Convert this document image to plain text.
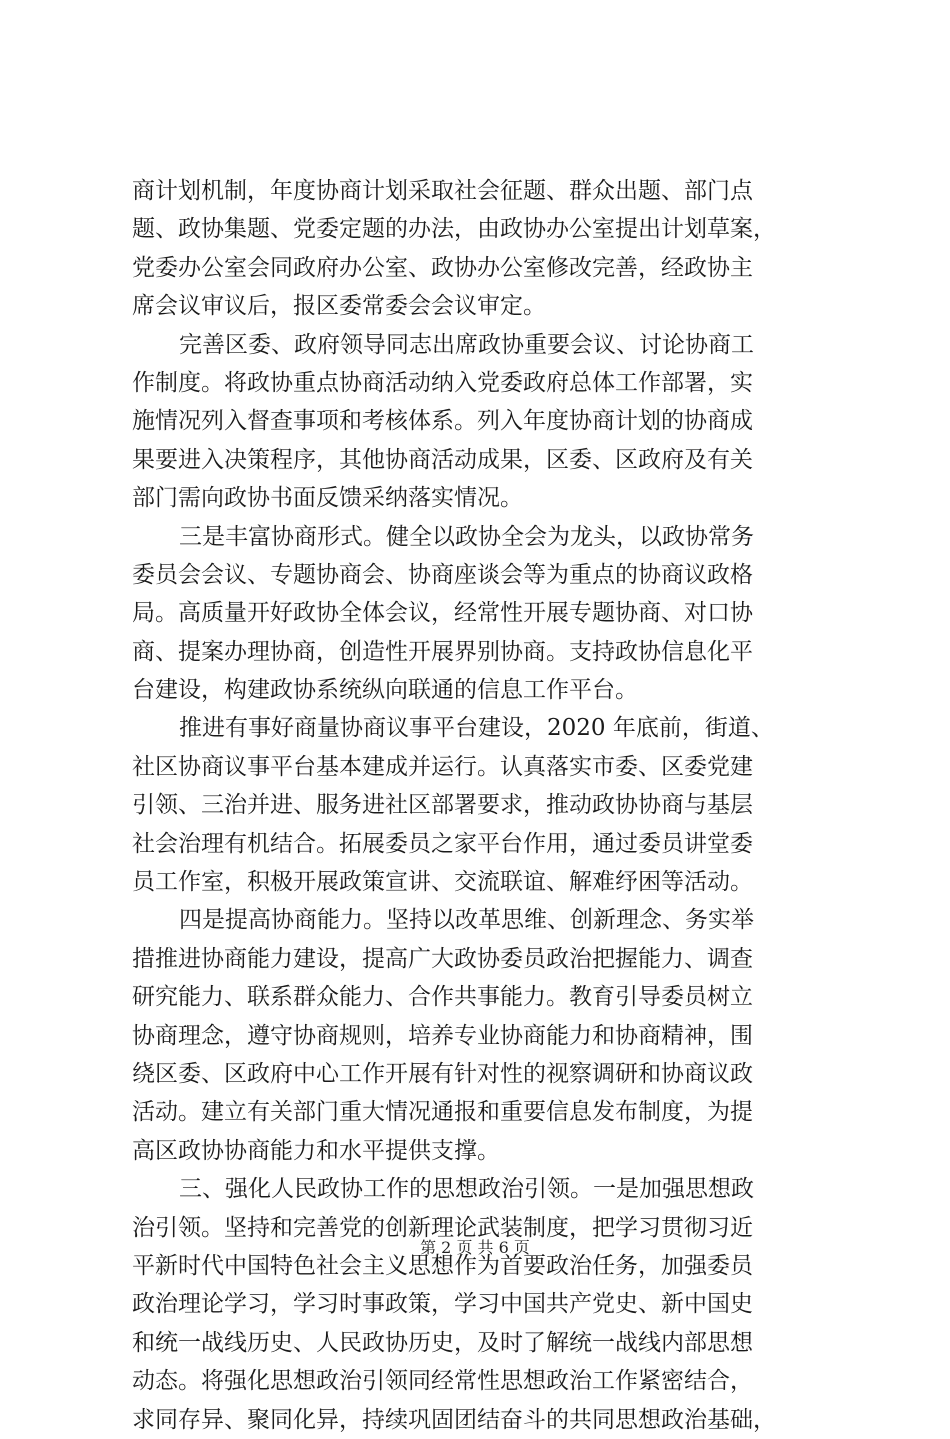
商计划机制，年度协商计划采取社会征题、群众出题、部门点
题、政协集题、党委定题的办法，由政协办公室提出计划草案，
党委办公室会同政府办公室、政协办公室修改完善，经政协主
席会议审议后，报区委常委会会议审定。
完善区委、政府领导同志出席政协重要会议、讨论协商工
作制度。将政协重点协商活动纳入党委政府总体工作部署，实
施情况列入督查事项和考核体系。列入年度协商计划的协商成
果要进入决策程序，其他协商活动成果，区委、区政府及有关
部门需向政协书面反馈采纳落实情况。
三是丰富协商形式。健全以政协全会为龙头，以政协常务
委员会会议、专题协商会、协商座谈会等为重点的协商议政格
局。高质量开好政协全体会议，经常性开展专题协商、对口协
商、提案办理协商，创造性开展界别协商。支持政协信息化平
台建设，构建政协系统纵向联通的信息工作平台。
推进有事好商量协商议事平台建设，2020 年底前，街道、
社区协商议事平台基本建成并运行。认真落实市委、区委党建
引领、三治并进、服务进社区部署要求，推动政协协商与基层
社会治理有机结合。拓展委员之家平台作用，通过委员讲堂委
员工作室，积极开展政策宣讲、交流联谊、解难纾困等活动。
四是提高协商能力。坚持以改革思维、创新理念、务实举
措推进协商能力建设，提高广大政协委员政治把握能力、调查
研究能力、联系群众能力、合作共事能力。教育引导委员树立
协商理念，遵守协商规则，培养专业协商能力和协商精神，围
绕区委、区政府中心工作开展有针对性的视察调研和协商议政
活动。建立有关部门重大情况通报和重要信息发布制度，为提
高区政协协商能力和水平提供支撑。
三、强化人民政协工作的思想政治引领。一是加强思想政
治引领。坚持和完善党的创新理论武装制度，把学习贯彻习近
平新时代中国特色社会主义思想作为首要政治任务，加强委员
政治理论学习，学习时事政策，学习中国共产党史、新中国史
和统一战线历史、人民政协历史，及时了解统一战线内部思想
动态。将强化思想政治引领同经常性思想政治工作紧密结合，
求同存异、聚同化异，持续巩固团结奋斗的共同思想政治基础，
第 2 页 共 6 页
